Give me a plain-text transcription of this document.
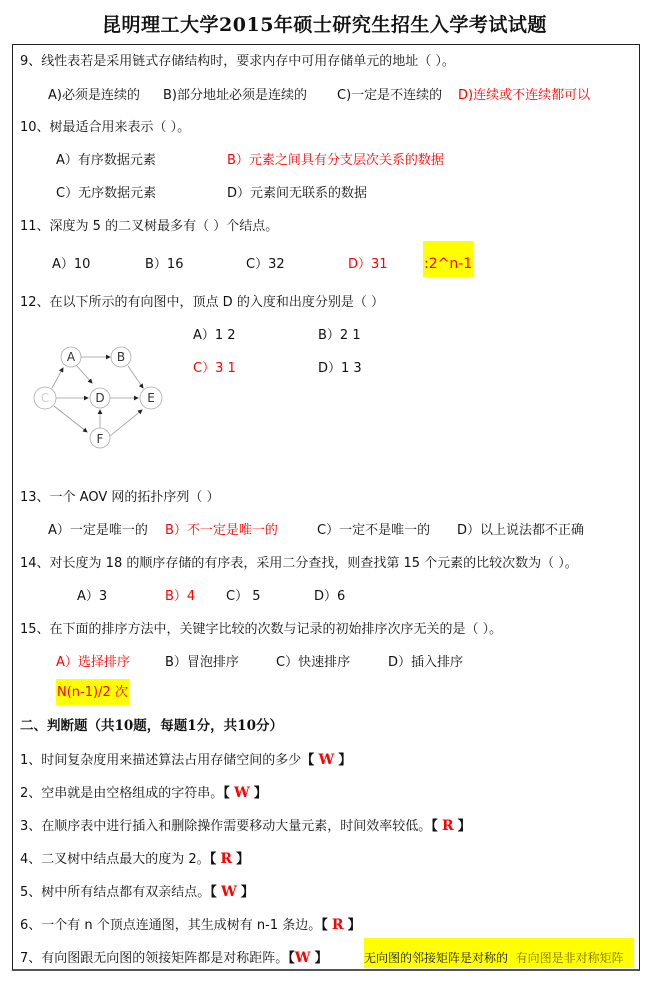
昆明理工大学2015年硕士研究生招生入学考试试题
9、线性表若是采用链式存储结构时，要求内存中可用存储单元的地址（ ）。
A)必须是连续的 B)部分地址必须是连续的 C)一定是不连续的 D)连续或不连续都可以
10、树最适合用来表示（ ）。
A）有序数据元素	B）元素之间具有分支层次关系的数据
C）无序数据元素	D）元素间无联系的数据
11、深度为 5 的二叉树最多有（ ）个结点。
A）10	B）16	C）32	D）31	:2^n-1
12、在以下所示的有向图中，顶点 D 的入度和出度分别是（ ）
A）1 2	B）2 1
C）3 1	D）1 3
A	B
C	D	E
F
13、一个 AOV 网的拓扑序列（ ）
A）一定是唯一的 B）不一定是唯一的	C）一定不是唯一的 D）以上说法都不正确
14、对长度为 18 的顺序存储的有序表，采用二分查找，则查找第 15 个元素的比较次数为（ ）。
A）3	B）4 C） 5	D）6
15、在下面的排序方法中，关键字比较的次数与记录的初始排序次序无关的是（ ）。
A）选择排序	B）冒泡排序	C）快速排序	D）插入排序
N(n-1)/2 次
二、判断题（共10题，每题1分，共10分）
1、时间复杂度用来描述算法占用存储空间的多少【 W 】
2、空串就是由空格组成的字符串。【 W 】
3、在顺序表中进行插入和删除操作需要移动大量元素，时间效率较低。【 R 】
4、二叉树中结点最大的度为 2。【 R 】
5、树中所有结点都有双亲结点。【 W 】
6、一个有 n 个顶点连通图，其生成树有 n-1 条边。【 R 】
7、有向图跟无向图的领接矩阵都是对称距阵。【W 】	无向图的邻接矩阵是对称的 有向图是非对称矩阵
